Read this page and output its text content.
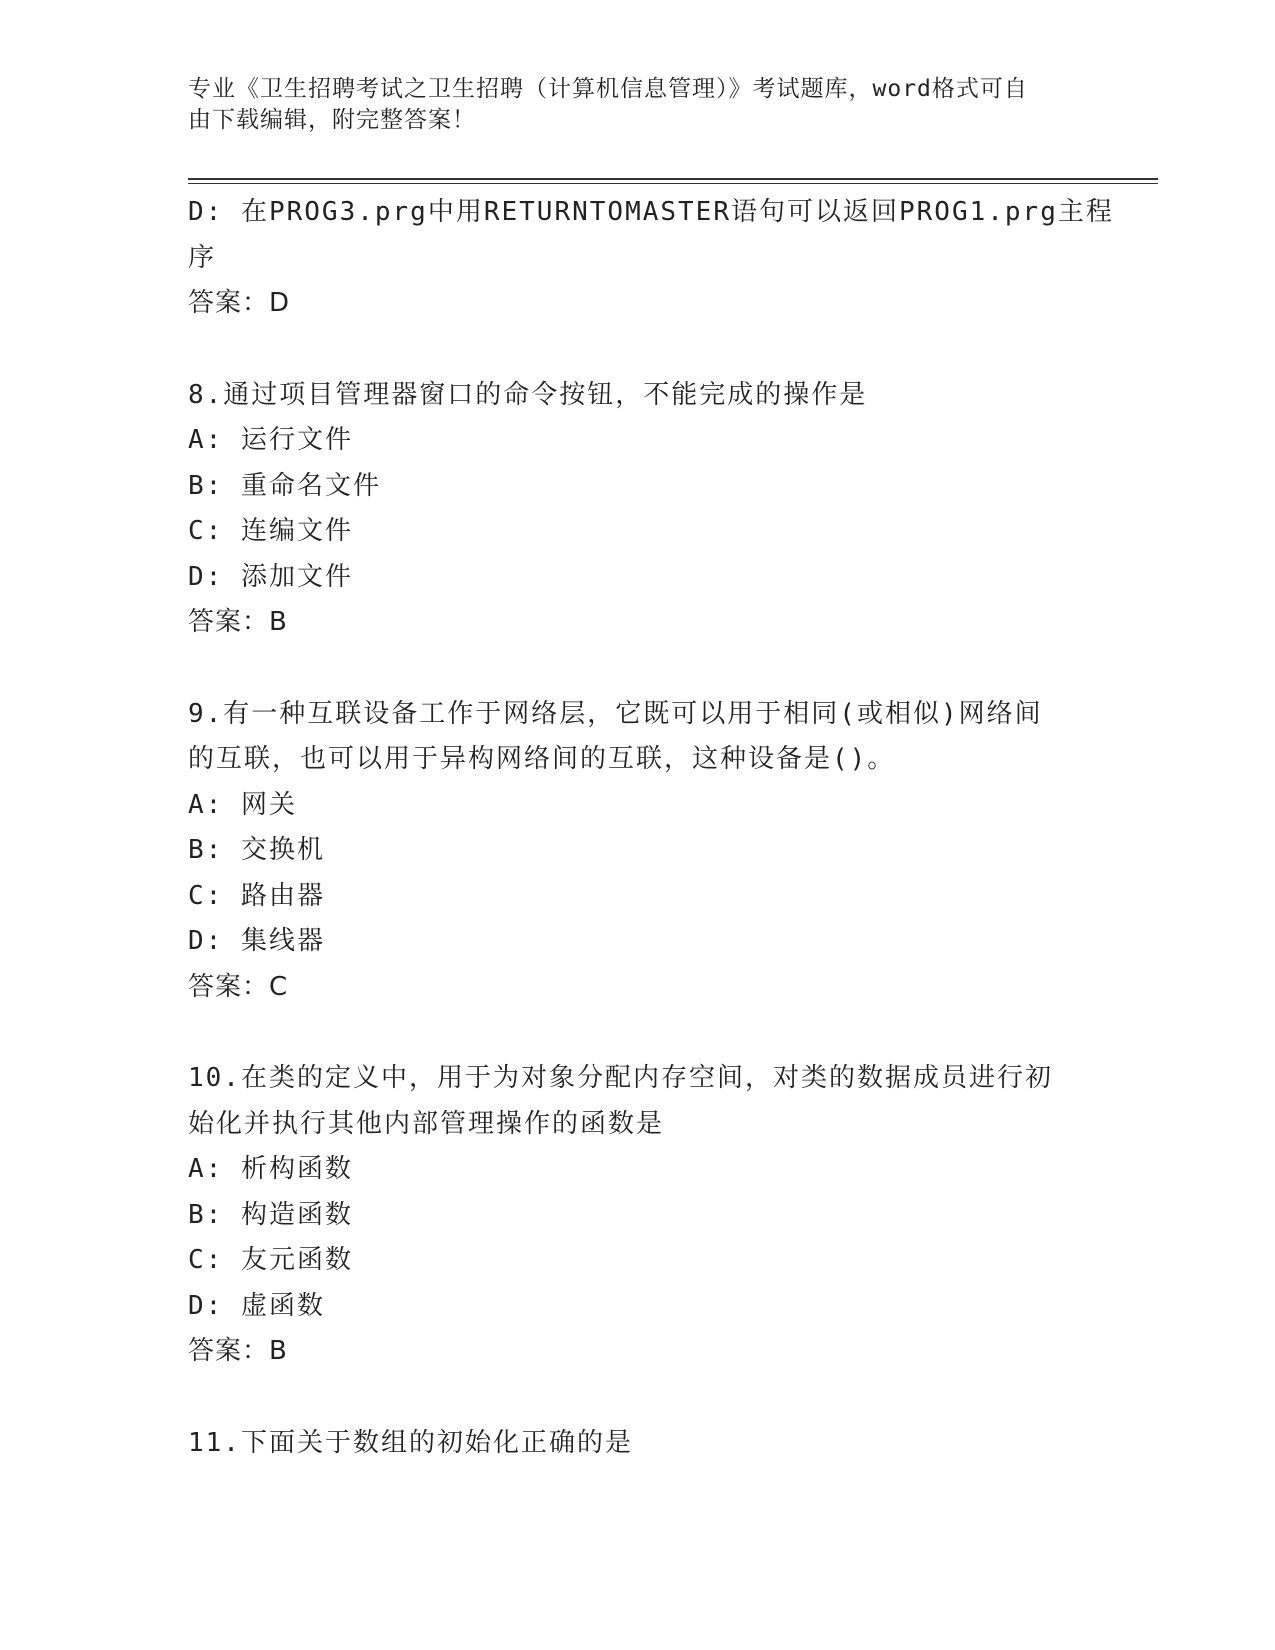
专业《卫生招聘考试之卫生招聘（计算机信息管理）》考试题库，word格式可自
由下载编辑，附完整答案！
D: 在PROG3.prg中用RETURNTOMASTER语句可以返回PROG1.prg主程
序
答案：D
8.通过项目管理器窗口的命令按钮，不能完成的操作是
A: 运行文件
B: 重命名文件
C: 连编文件
D: 添加文件
答案：B
9.有一种互联设备工作于网络层，它既可以用于相同(或相似)网络间
的互联，也可以用于异构网络间的互联，这种设备是()。
A: 网关
B: 交换机
C: 路由器
D: 集线器
答案：C
10.在类的定义中，用于为对象分配内存空间，对类的数据成员进行初
始化并执行其他内部管理操作的函数是
A: 析构函数
B: 构造函数
C: 友元函数
D: 虚函数
答案：B
11.下面关于数组的初始化正确的是
